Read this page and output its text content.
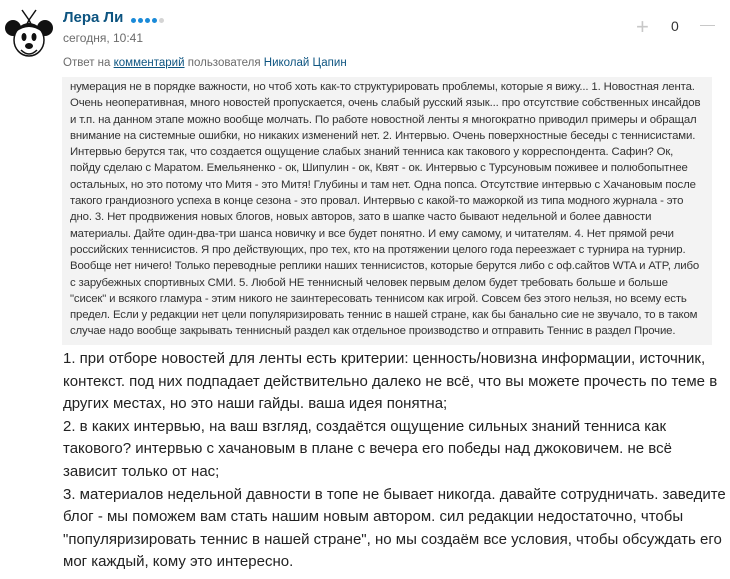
Лера Ли
сегодня, 10:41	+ 0
Ответ на комментарий пользователя Николай Цапин
нумерация не в порядке важности, но чтоб хоть как-то структурировать проблемы, которые я вижу... 1. Новостная лента. Очень неоперативная, много новостей пропускается, очень слабый русский язык... про отсутствие собственных инсайдов и т.п. на данном этапе можно вообще молчать. По работе новостной ленты я многократно приводил примеры и обращал внимание на системные ошибки, но никаких изменений нет. 2. Интервью. Очень поверхностные беседы с теннисистами. Интервью берутся так, что создается ощущение слабых знаний тенниса как такового у корреспондента. Сафин? Ок, пойду сделаю с Маратом. Емельяненко - ок, Шипулин - ок, Квят - ок. Интервью с Турсуновым поживее и полюбопытнее остальных, но это потому что Митя - это Митя! Глубины и там нет. Одна попса. Отсутствие интервью с Хачановым после такого грандиозного успеха в конце сезона - это провал. Интервью с какой-то мажоркой из типа модного журнала - это дно. 3. Нет продвижения новых блогов, новых авторов, зато в шапке часто бывают недельной и более давности материалы. Дайте один-два-три шанса новичку и все будет понятно. И ему самому, и читателям. 4. Нет прямой речи российских теннисистов. Я про действующих, про тех, кто на протяжении целого года переезжает с турнира на турнир. Вообще нет ничего! Только переводные реплики наших теннисистов, которые берутся либо с оф.сайтов WTA и ATP, либо с зарубежных спортивных СМИ. 5. Любой НЕ теннисный человек первым делом будет требовать больше и больше "сисек" и всякого гламура - этим никого не заинтересовать теннисом как игрой. Совсем без этого нельзя, но всему есть предел. Если у редакции нет цели популяризировать теннис в нашей стране, как бы банально сие не звучало, то в таком случае надо вообще закрывать теннисный раздел как отдельное производство и отправить Теннис в раздел Прочие.

1. при отборе новостей для ленты есть критерии: ценность/новизна информации, источник, контекст. под них подпадает действительно далеко не всё, что вы можете прочесть по теме в других местах, но это наши гайды. ваша идея понятна;

2. в каких интервью, на ваш взгляд, создаётся ощущение сильных знаний тенниса как такового? интервью с хачановым в плане с вечера его победы над джоковичем. не всё зависит только от нас;

3. материалов недельной давности в топе не бывает никогда. давайте сотрудничать. заведите блог - мы поможем вам стать нашим новым автором. сил редакции недостаточно, чтобы "популяризировать теннис в нашей стране", но мы создаём все условия, чтобы обсуждать его мог каждый, кому это интересно.
